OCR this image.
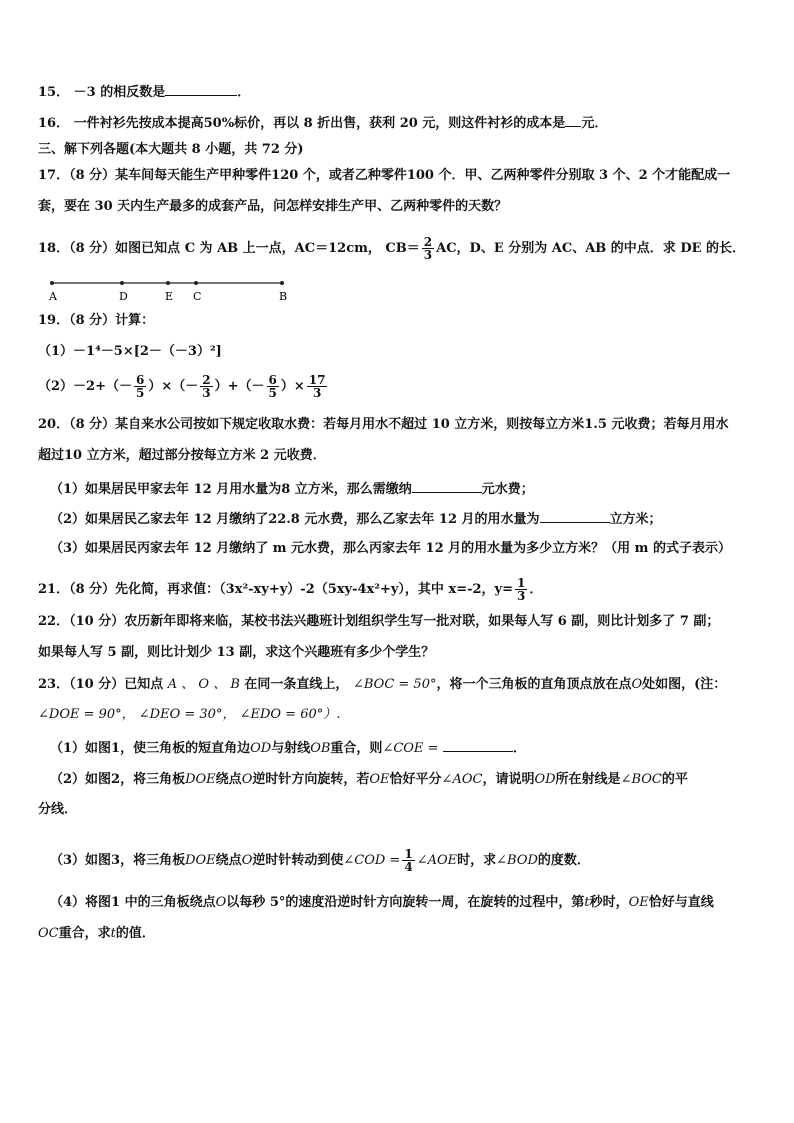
15． －3 的相反数是	．
16． 一件衬衫先按成本提高50%标价，再以 8 折出售，获利 20 元，则这件衬衫的成本是 元．
三、解下列各题(本大题共 8 小题，共 72 分)
17．（8 分）某车间每天能生产甲种零件120 个，或者乙种零件100 个．甲、乙两种零件分别取 3 个、2 个才能配成一
套，要在 30 天内生产最多的成套产品，问怎样安排生产甲、乙两种零件的天数？
18．（8 分）如图已知点 C 为 AB 上一点，AC＝12cm， $CB= \frac{2}{3}$ AC，D、E 分别为 AC、AB 的中点．求 DE 的长．
A	D	E C	B
19．（8 分）计算：
（1）－1⁴－5×[2－（－3）²]
$(2)-2+(- \frac{6}{5}$ ）×（－ $\frac{2}{3}$ ）+（－ $\frac{6}{5}$ ）× $\frac{17}{3}$
20．（8 分）某自来水公司按如下规定收取水费：若每月用水不超过 10 立方米，则按每立方米1.5 元收费；若每月用水
超过10 立方米，超过部分按每立方米 2 元收费．
（1）如果居民甲家去年 12 月用水量为8 立方米，那么需缴纳	元水费；
（2）如果居民乙家去年 12 月缴纳了22.8 元水费，那么乙家去年 12 月的用水量为	立方米；
（3）如果居民丙家去年 12 月缴纳了 m 元水费，那么丙家去年 12 月的用水量为多少立方米？（用 m 的式子表示）
21．（8 分）先化简，再求值：（3x²-xy+y）-2（5xy-4x²+y），其中 x=-2，$y= \frac{1}{3}$ ．
22．（10 分）农历新年即将来临，某校书法兴趣班计划组织学生写一批对联，如果每人写 6 副，则比计划多了 7 副；
如果每人写 5 副，则比计划少 13 副，求这个兴趣班有多少个学生？
23．（10 分）已知点 A 、 O 、 B 在同一条直线上， ∠BOC = 50°，将一个三角板的直角顶点放在点O处如图，(注：
∠DOE = 90°， ∠DEO = 30°， ∠EDO = 60°）.
（1）如图1，使三角板的短直角边OD与射线OB重合，则∠COE =	．
（2）如图2，将三角板DOE绕点O逆时针方向旋转，若OE恰好平分∠AOC，请说明OD所在射线是∠BOC的平
分线．
（3）如图3，将三角板DOE绕点O逆时针转动到使∠COD = $\frac{1}{4}$ ∠AOE时，求∠BOD的度数．
（4）将图1 中的三角板绕点O以每秒 5°的速度沿逆时针方向旋转一周，在旋转的过程中，第t秒时，OE恰好与直线
OC重合，求t的值．
